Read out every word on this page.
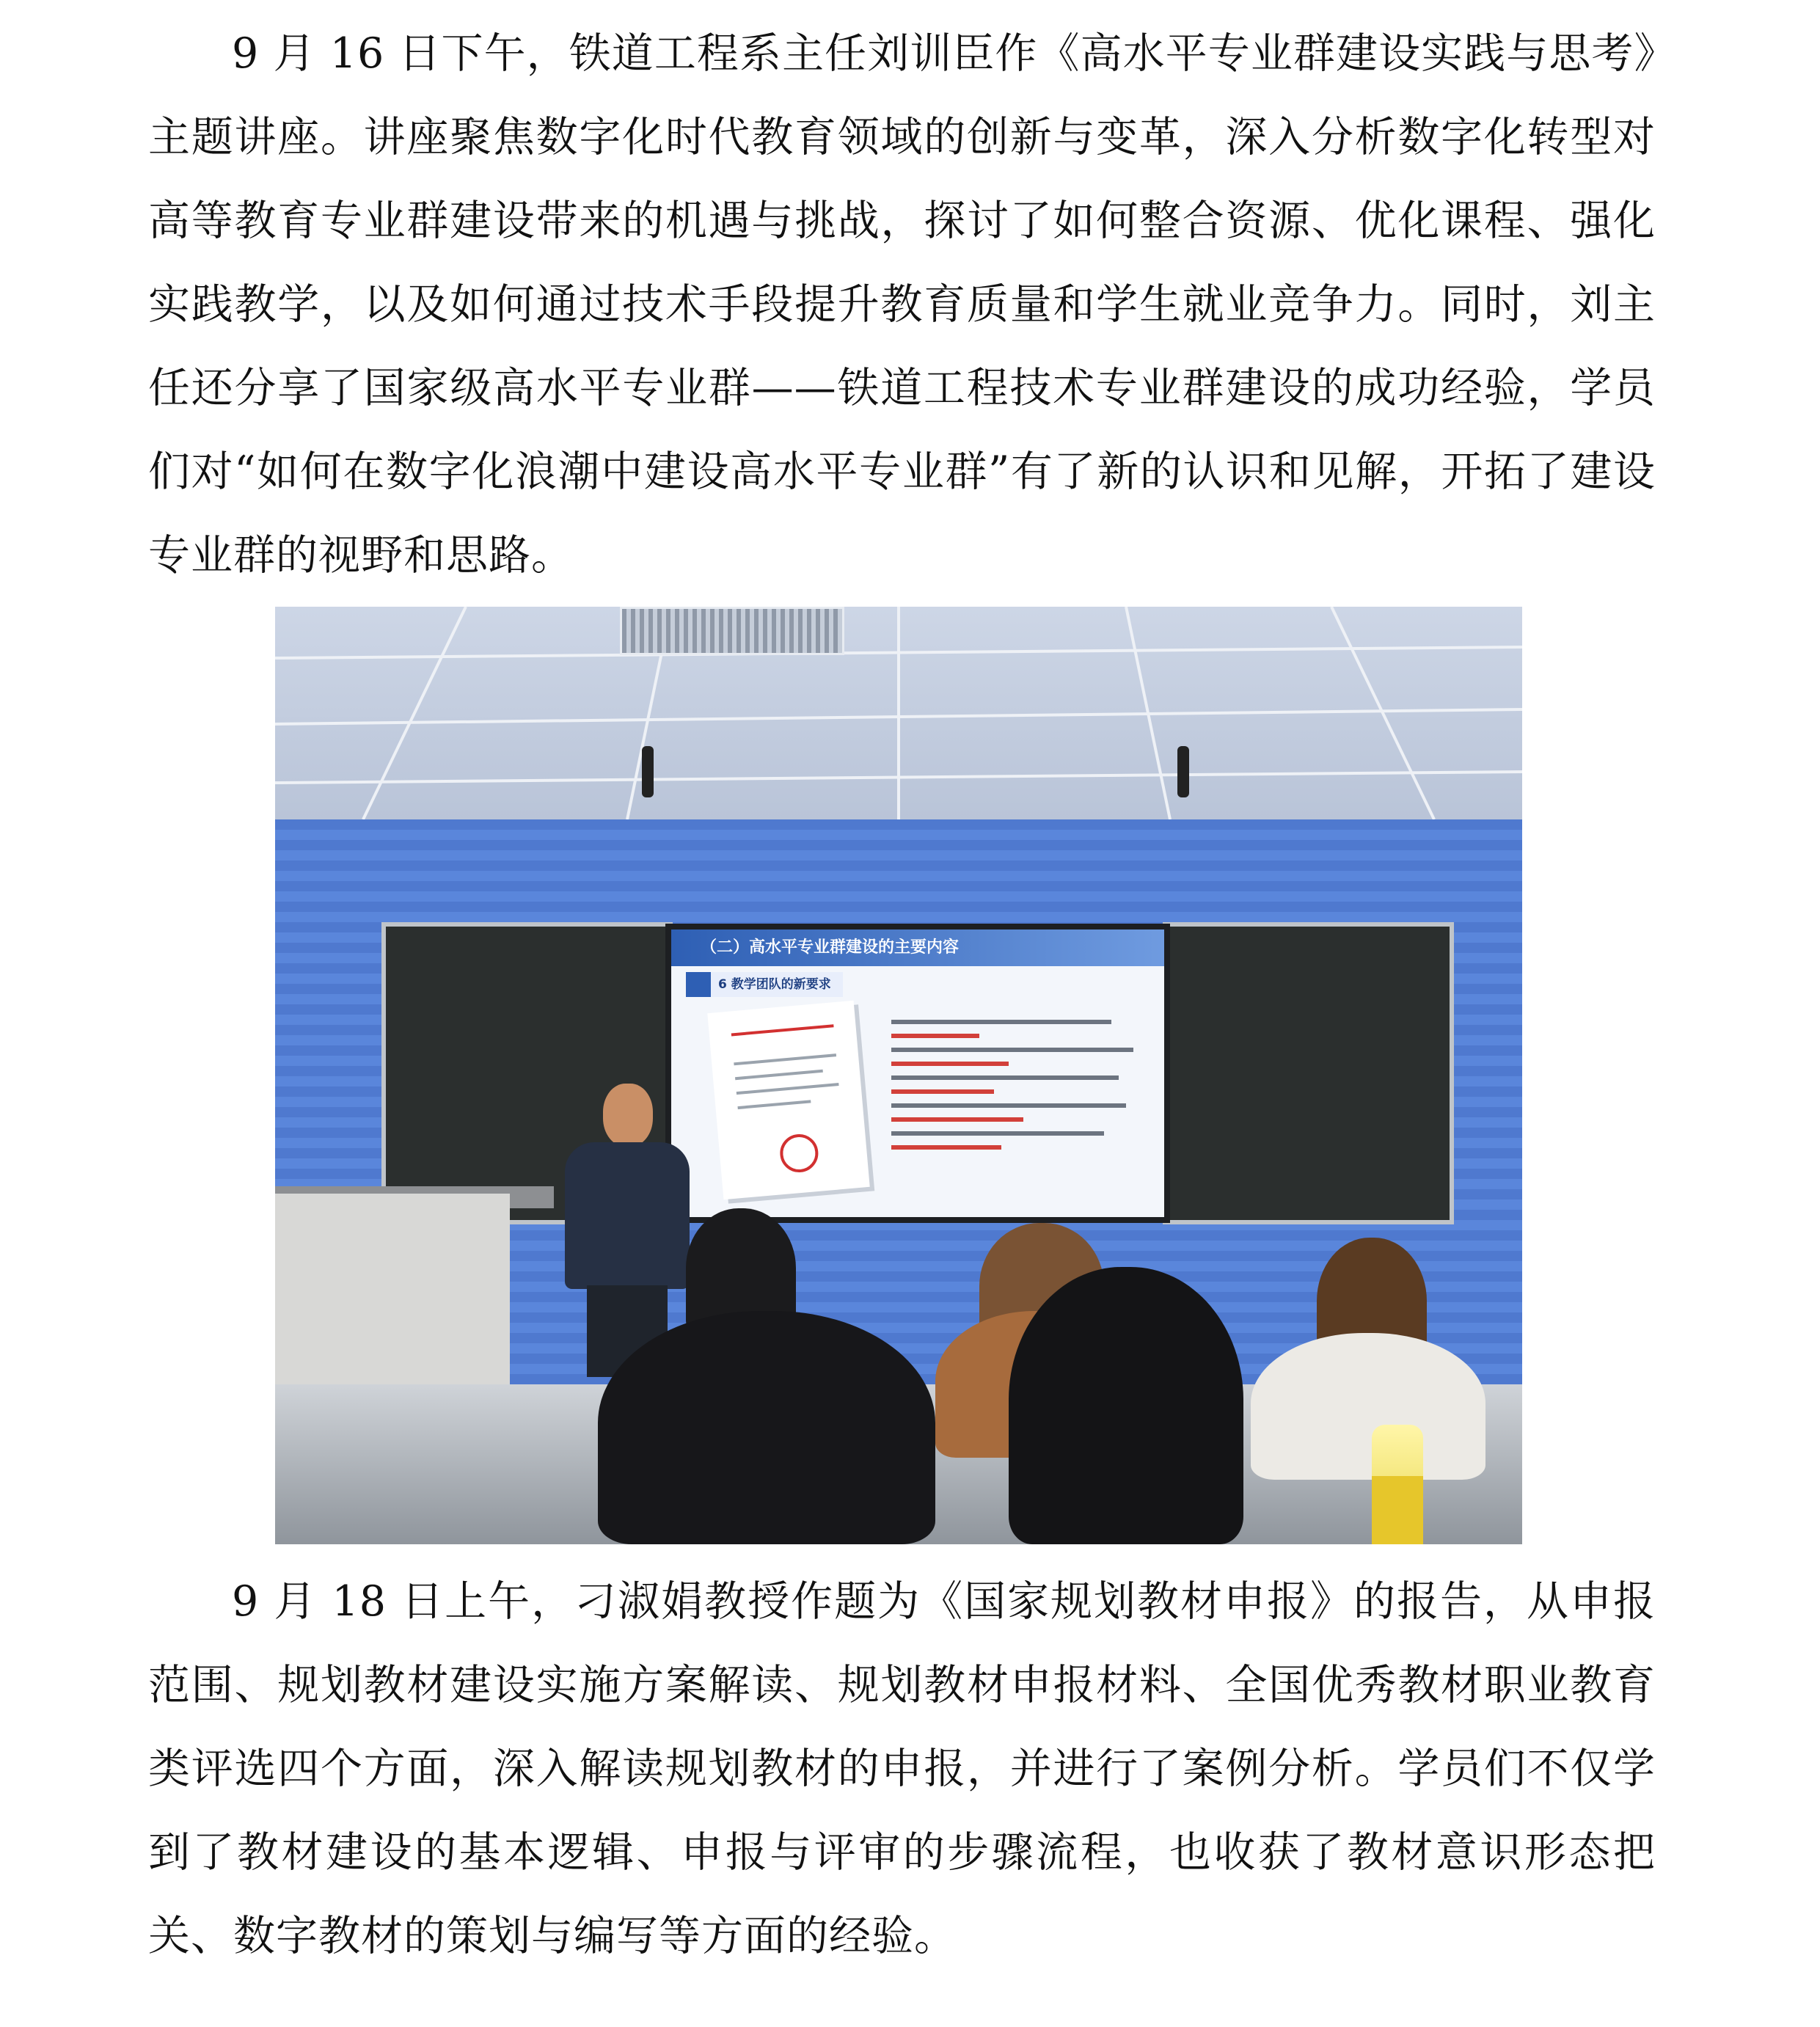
9 月 16 日下午，铁道工程系主任刘训臣作《高水平专业群建设实践与思考》主题讲座。讲座聚焦数字化时代教育领域的创新与变革，深入分析数字化转型对高等教育专业群建设带来的机遇与挑战，探讨了如何整合资源、优化课程、强化实践教学，以及如何通过技术手段提升教育质量和学生就业竞争力。同时，刘主任还分享了国家级高水平专业群——铁道工程技术专业群建设的成功经验，学员们对“如何在数字化浪潮中建设高水平专业群”有了新的认识和见解，开拓了建设专业群的视野和思路。

（二）高水平专业群建设的主要内容
6 教学团队的新要求

9 月 18 日上午，刁淑娟教授作题为《国家规划教材申报》的报告，从申报范围、规划教材建设实施方案解读、规划教材申报材料、全国优秀教材职业教育类评选四个方面，深入解读规划教材的申报，并进行了案例分析。学员们不仅学到了教材建设的基本逻辑、申报与评审的步骤流程，也收获了教材意识形态把关、数字教材的策划与编写等方面的经验。
